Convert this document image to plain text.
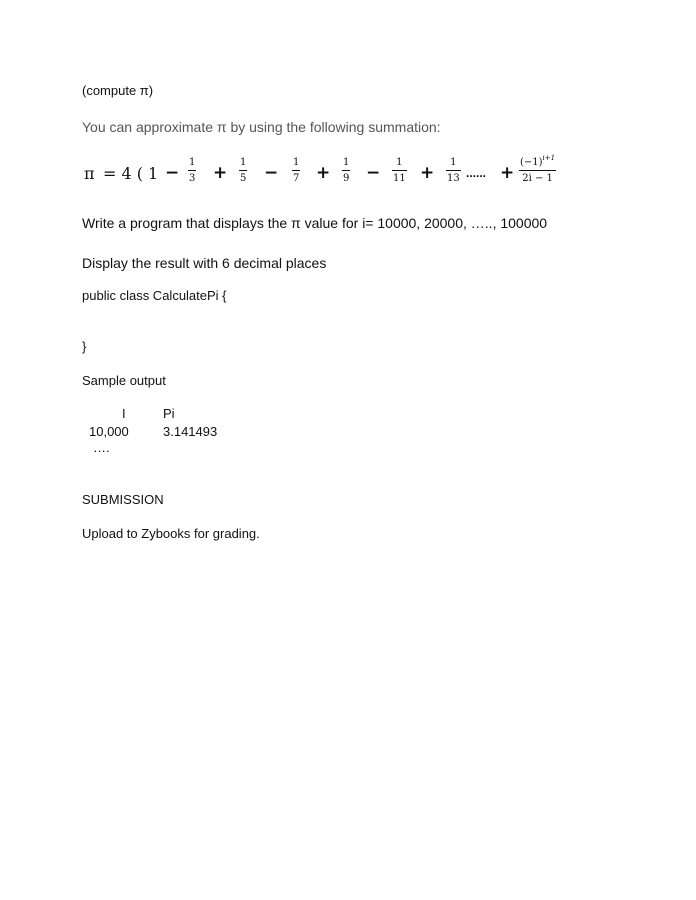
(compute π)
You can approximate π by using the following summation:
π = 4 ( 1 −
1
3 +
1
5 −
1
7 +
1
9 −
1
11 +
1
13 ...... +
$(-1)^{i+1}$
2i − 1
Write a program that displays the π value for i= 10000, 20000, ….., 100000
Display the result with 6 decimal places
public class CalculatePi {
}
Sample output
I	Pi
10,000	3.141493
….
SUBMISSION
Upload to Zybooks for grading.
